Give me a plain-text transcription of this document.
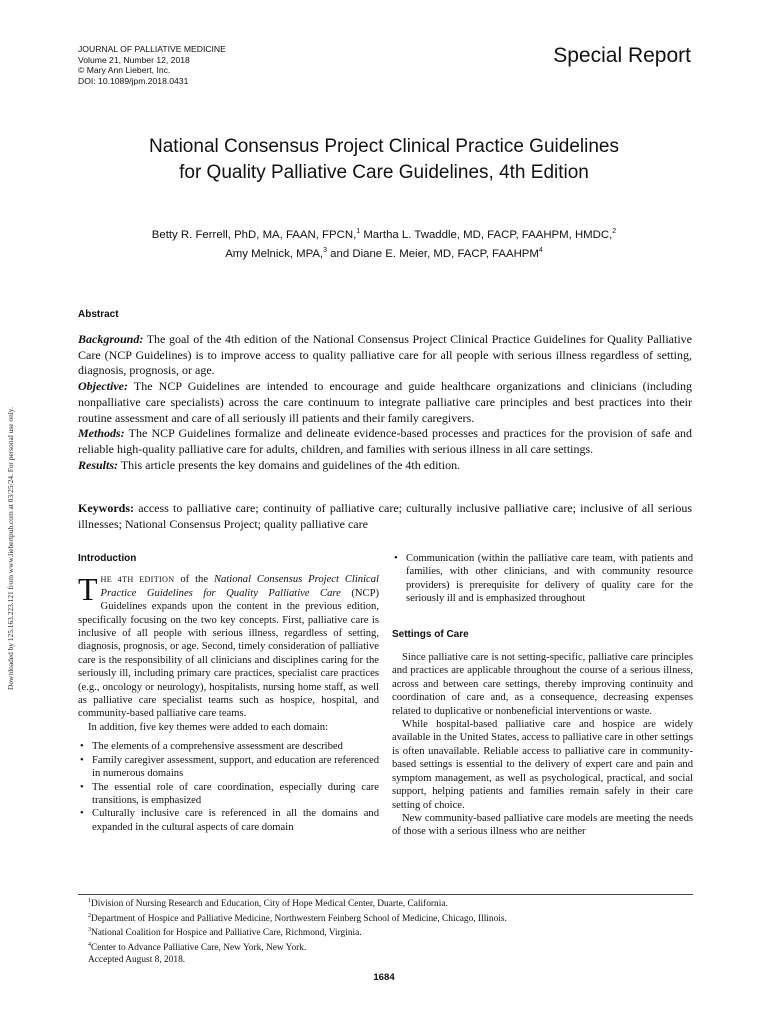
JOURNAL OF PALLIATIVE MEDICINE
Volume 21, Number 12, 2018
© Mary Ann Liebert, Inc.
DOI: 10.1089/jpm.2018.0431
Special Report
National Consensus Project Clinical Practice Guidelines
for Quality Palliative Care Guidelines, 4th Edition
Betty R. Ferrell, PhD, MA, FAAN, FPCN,$^1$ Martha L. Twaddle, MD, FACP, FAAHPM, HMDC,$^2$
Amy Melnick, MPA,$^3$ and Diane E. Meier, MD, FACP, FAAHPM$^4$
Downloaded by 125.163.223.121 from www.liebertpub.com at 03/25/24. For personal use only.
Abstract

Background: The goal of the 4th edition of the National Consensus Project Clinical Practice Guidelines for Quality Palliative Care (NCP Guidelines) is to improve access to quality palliative care for all people with serious illness regardless of setting, diagnosis, prognosis, or age.

Objective: The NCP Guidelines are intended to encourage and guide healthcare organizations and clinicians (including nonpalliative care specialists) across the care continuum to integrate palliative care principles and best practices into their routine assessment and care of all seriously ill patients and their family caregivers.

Methods: The NCP Guidelines formalize and delineate evidence-based processes and practices for the provision of safe and reliable high-quality palliative care for adults, children, and families with serious illness in all care settings.

Results: This article presents the key domains and guidelines of the 4th edition.

Keywords: access to palliative care; continuity of palliative care; culturally inclusive palliative care; inclusive of all serious illnesses; National Consensus Project; quality palliative care
Introduction

THE 4TH EDITION of the National Consensus Project Clinical Practice Guidelines for Quality Palliative Care (NCP) Guidelines expands upon the content in the previous edition, specifically focusing on the two key concepts. First, palliative care is inclusive of all people with serious illness, regardless of setting, diagnosis, prognosis, or age. Second, timely consideration of palliative care is the responsibility of all clinicians and disciplines caring for the seriously ill, including primary care practices, specialist care practices (e.g., oncology or neurology), hospitalists, nursing home staff, as well as palliative care specialist teams such as hospice, hospital, and community-based palliative care teams.

In addition, five key themes were added to each domain:

• The elements of a comprehensive assessment are described
• Family caregiver assessment, support, and education are referenced in numerous domains
• The essential role of care coordination, especially during care transitions, is emphasized
• Culturally inclusive care is referenced in all the domains and expanded in the cultural aspects of care domain
• Communication (within the palliative care team, with patients and families, with other clinicians, and with community resource providers) is prerequisite for delivery of quality care for the seriously ill and is emphasized throughout
Settings of Care

Since palliative care is not setting-specific, palliative care principles and practices are applicable throughout the course of a serious illness, across and between care settings, thereby improving continuity and coordination of care and, as a consequence, decreasing expenses related to duplicative or nonbeneficial interventions or waste.

While hospital-based palliative care and hospice are widely available in the United States, access to palliative care in other settings is often unavailable. Reliable access to palliative care in community-based settings is essential to the delivery of expert care and pain and symptom management, as well as psychological, practical, and social support, helping patients and families remain safely in their care setting of choice.

New community-based palliative care models are meeting the needs of those with a serious illness who are neither

$^1$Division of Nursing Research and Education, City of Hope Medical Center, Duarte, California.
$^2$Department of Hospice and Palliative Medicine, Northwestern Feinberg School of Medicine, Chicago, Illinois.
$^3$National Coalition for Hospice and Palliative Care, Richmond, Virginia.
$^4$Center to Advance Palliative Care, New York, New York.
Accepted August 8, 2018.
1684
